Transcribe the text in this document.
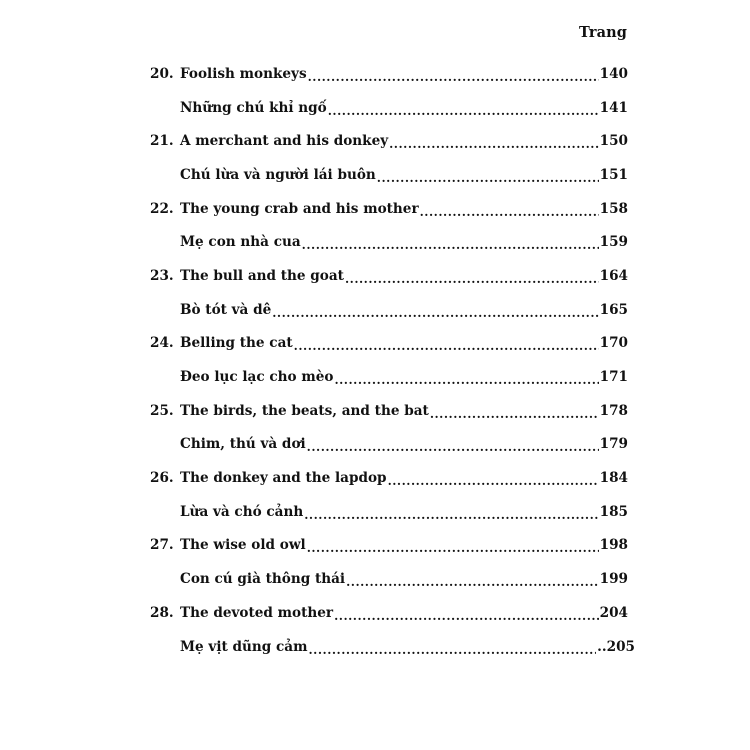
Trang
20. Foolish monkeys .....	140
Những chú khỉ ngố .....	141
21. A merchant and his donkey .....	150
Chú lừa và người lái buôn .....	151
22. The young crab and his mother .....	158
Mẹ con nhà cua .....	159
23. The bull and the goat .....	164
Bò tót và dê .....	165
24. Belling the cat .....	170
Đeo lục lạc cho mèo .....	171
25. The birds, the beats, and the bat .....	178
Chim, thú và dơi .....	179
26. The donkey and the lapdop .....	184
Lừa và chó cảnh .....	185
27. The wise old owl .....	198
Con cú già thông thái .....	199
28. The devoted mother .....	204
Mẹ vịt dũng cảm .....	..205
